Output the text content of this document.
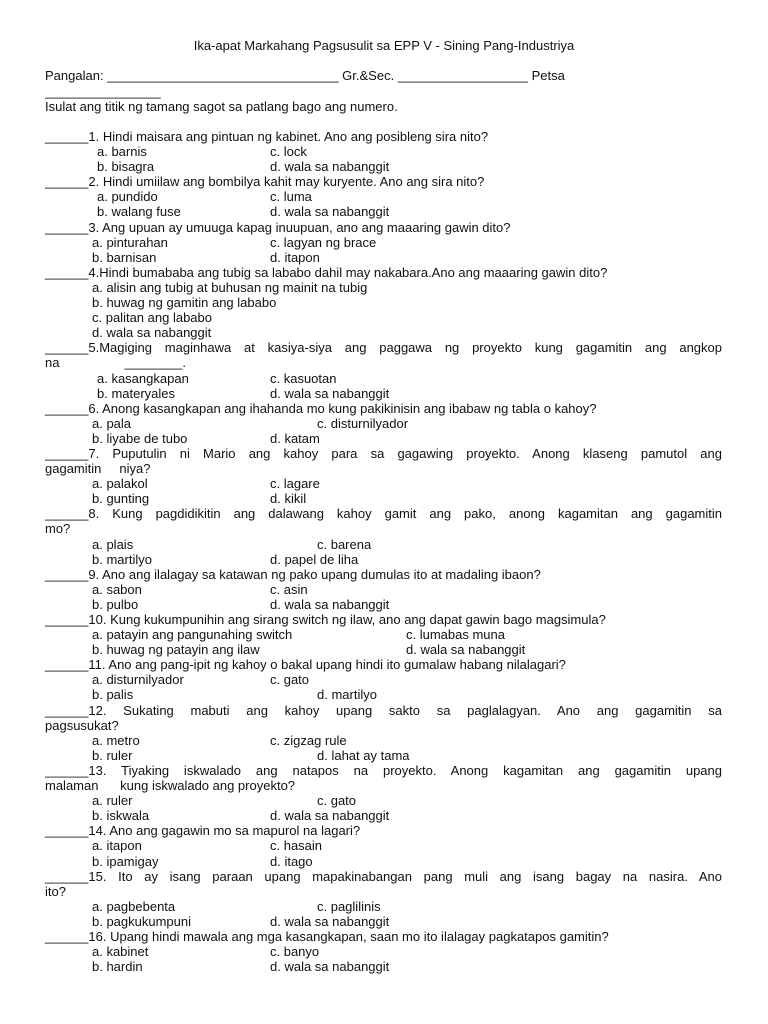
Ika-apat Markahang Pagsusulit sa EPP V - Sining Pang-Industriya
Pangalan: ________________________________ Gr.&Sec. __________________ Petsa
________________
Isulat ang titik ng tamang sagot sa patlang bago ang numero.
______ 1. Hindi maisara ang pintuan ng kabinet. Ano ang posibleng sira nito?
a. barnis	c. lock
b. bisagra	d. wala sa nabanggit
______ 2. Hindi umiilaw ang bombilya kahit may kuryente. Ano ang sira nito?
a. pundido	c. luma
b. walang fuse	d. wala sa nabanggit
______ 3. Ang upuan ay umuuga kapag inuupuan, ano ang maaaring gawin dito?
a. pinturahan	c. lagyan ng brace
b. barnisan	d. itapon
______ 4.Hindi bumababa ang tubig sa lababo dahil may nakabara.Ano ang maaaring gawin dito?
a. alisin ang tubig at buhusan ng mainit na tubig
b. huwag ng gamitin ang lababo
c. palitan ang lababo
d. wala sa nabanggit
______ 5.Magiging maginhawa at kasiya-siya ang paggawa ng proyekto kung gagamitin ang angkop
na                  ________.
a. kasangkapan	c. kasuotan
b. materyales	d. wala sa nabanggit
______ 6. Anong kasangkapan ang ihahanda mo kung pakikinisin ang ibabaw ng tabla o kahoy?
a. pala	c. disturnilyador
b. liyabe de tubo	d. katam
______ 7. Puputulin ni Mario ang kahoy para sa gagawing proyekto. Anong klaseng pamutol ang
gagamitin     niya?
a. palakol	c. lagare
b. gunting	d. kikil
______ 8. Kung pagdidikitin ang dalawang kahoy gamit ang pako, anong kagamitan ang gagamitin
mo?
a. plais	c. barena
b. martilyo	d. papel de liha
______ 9. Ano ang ilalagay sa katawan ng pako upang dumulas ito at madaling ibaon?
a. sabon	c. asin
b. pulbo	d. wala sa nabanggit
______ 10. Kung kukumpunihin ang sirang switch ng ilaw, ano ang dapat gawin bago magsimula?
a. patayin ang pangunahing switch	c. lumabas muna
b. huwag ng patayin ang ilaw	d. wala sa nabanggit
______ 11. Ano ang pang-ipit ng kahoy o bakal upang hindi ito gumalaw habang nilalagari?
a. disturnilyador	c. gato
b. palis	d. martilyo
______ 12. Sukating mabuti ang kahoy upang sakto sa paglalagyan. Ano ang gagamitin sa
pagsusukat?
a. metro	c. zigzag rule
b. ruler	d. lahat ay tama
______ 13. Tiyaking iskwalado ang natapos na proyekto. Anong kagamitan ang gagamitin upang
malaman      kung iskwalado ang proyekto?
a. ruler	c. gato
b. iskwala	d. wala sa nabanggit
______ 14. Ano ang gagawin mo sa mapurol na lagari?
a. itapon	c. hasain
b. ipamigay	d. itago
______ 15. Ito ay isang paraan upang mapakinabangan pang muli ang isang bagay na nasira. Ano
ito?
a. pagbebenta	c. paglilinis
b. pagkukumpuni	d. wala sa nabanggit
______ 16. Upang hindi mawala ang mga kasangkapan, saan mo ito ilalagay pagkatapos gamitin?
a. kabinet	c. banyo
b. hardin	d. wala sa nabanggit
